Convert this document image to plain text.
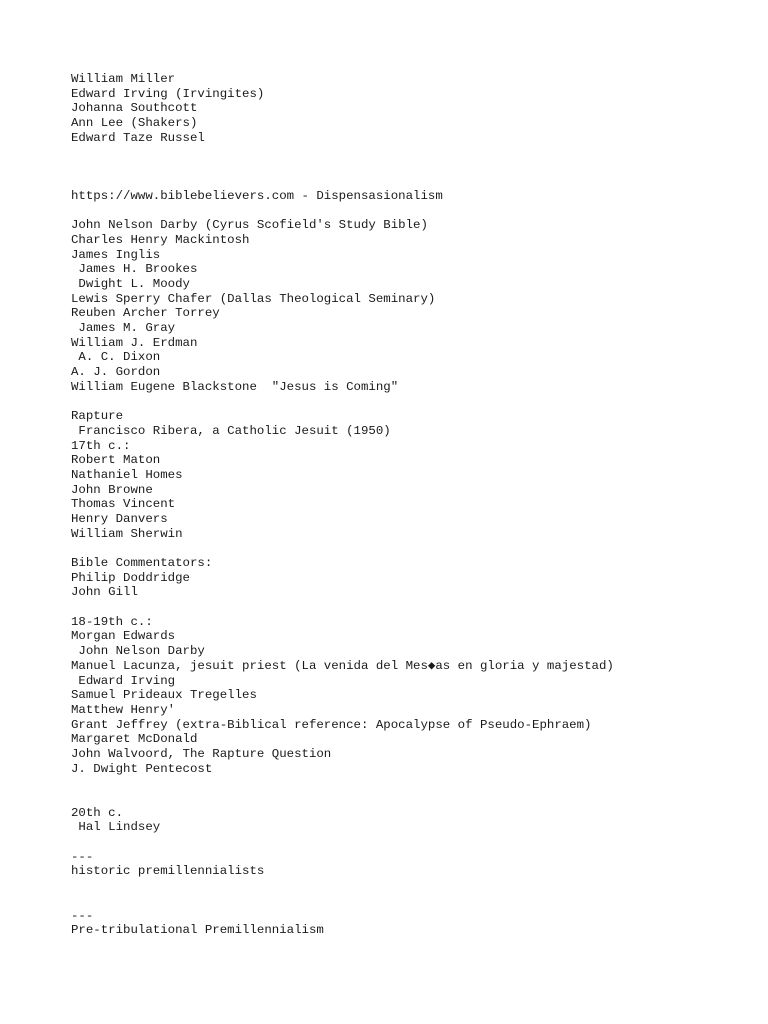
William Miller
Edward Irving (Irvingites)
Johanna Southcott
Ann Lee (Shakers)
Edward Taze Russel
https://www.biblebelievers.com - Dispensasionalism
John Nelson Darby (Cyrus Scofield's Study Bible)
Charles Henry Mackintosh
James Inglis
James H. Brookes
Dwight L. Moody
Lewis Sperry Chafer (Dallas Theological Seminary)
Reuben Archer Torrey
James M. Gray
William J. Erdman
A. C. Dixon
A. J. Gordon
William Eugene Blackstone  "Jesus is Coming"
Rapture
Francisco Ribera, a Catholic Jesuit (1950)
17th c.:
Robert Maton
Nathaniel Homes
John Browne
Thomas Vincent
Henry Danvers
William Sherwin
Bible Commentators:
Philip Doddridge
John Gill
18-19th c.:
Morgan Edwards
John Nelson Darby
Manuel Lacunza, jesuit priest (La venida del Mes◆as en gloria y majestad)
Edward Irving
Samuel Prideaux Tregelles
Matthew Henry'
Grant Jeffrey (extra-Biblical reference: Apocalypse of Pseudo-Ephraem)
Margaret McDonald
John Walvoord, The Rapture Question
J. Dwight Pentecost
20th c.
Hal Lindsey
---
historic premillennialists
---
Pre-tribulational Premillennialism
